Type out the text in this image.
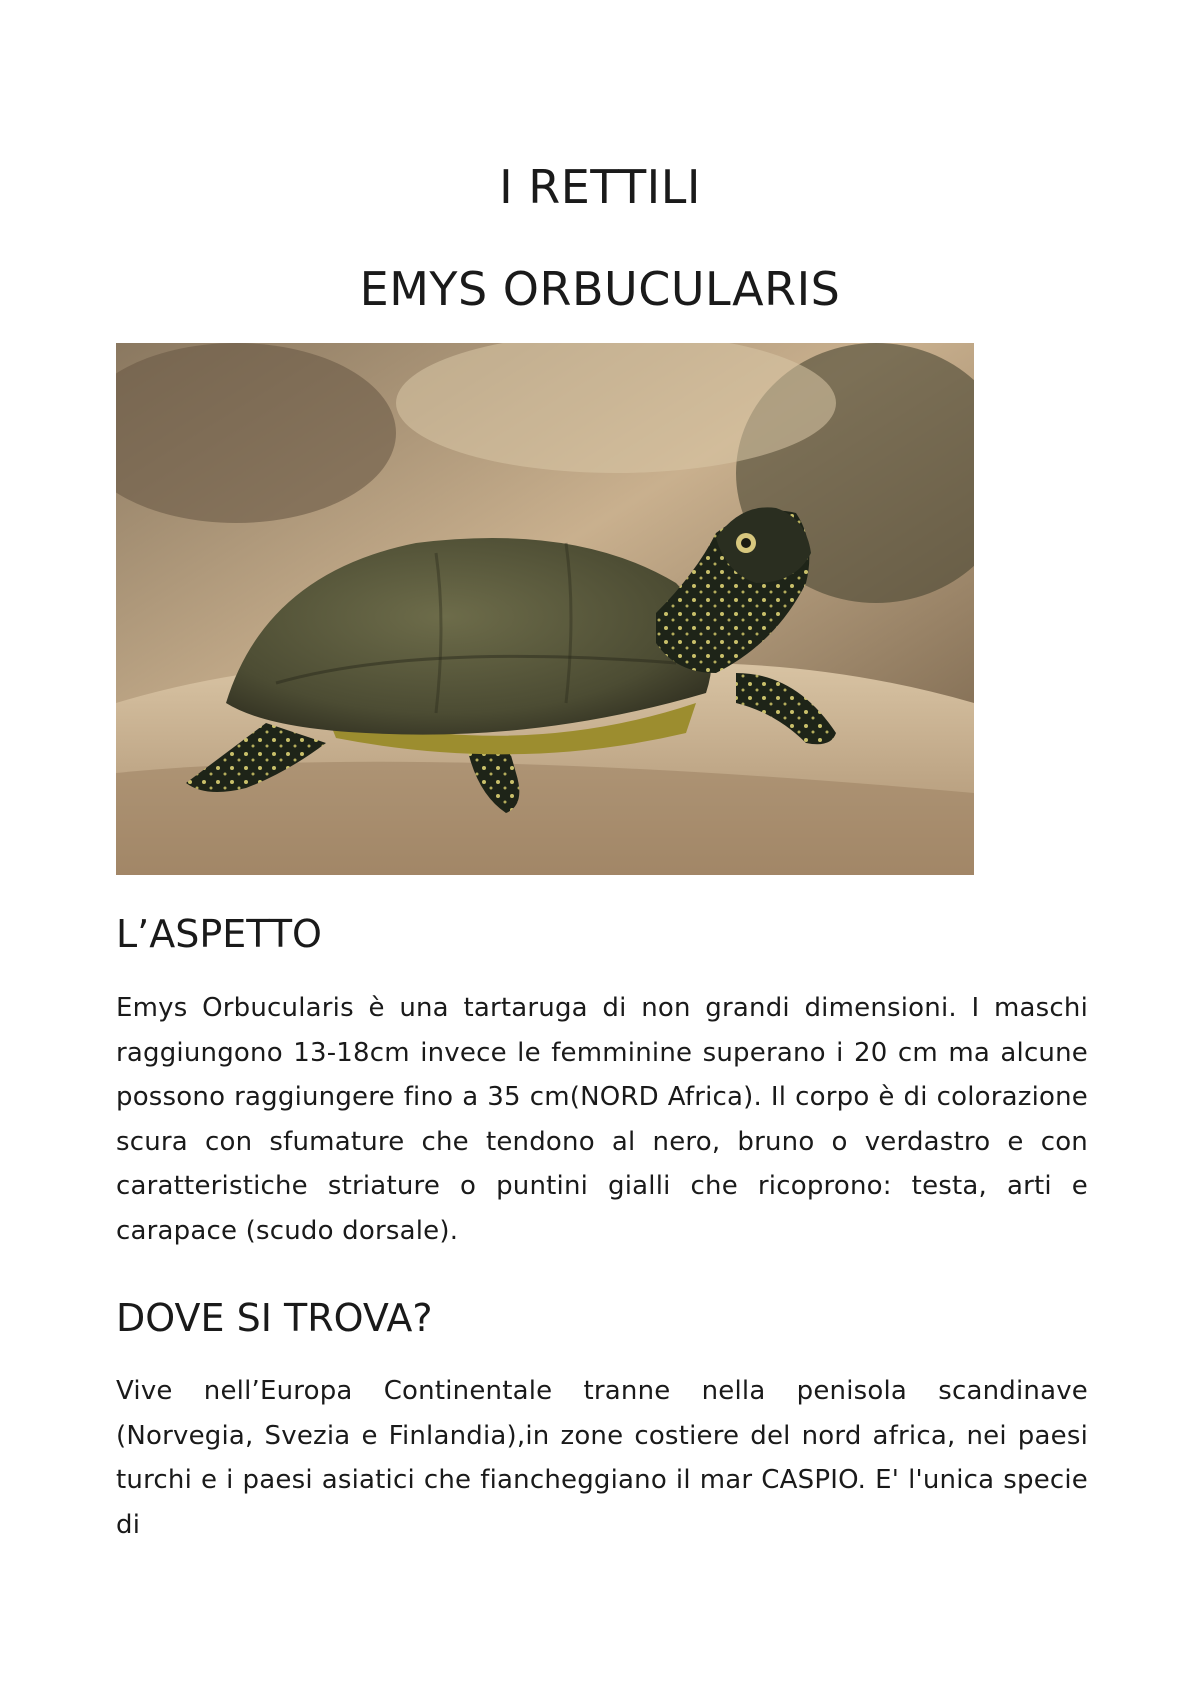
I RETTILI
EMYS ORBUCULARIS
L’ASPETTO

Emys Orbucularis è una tartaruga di non grandi dimensioni. I maschi raggiungono 13-18cm invece le femminine superano i 20 cm ma alcune possono raggiungere fino a 35 cm(NORD Africa). Il corpo è di colorazione scura con sfumature che tendono al nero, bruno o verdastro e con caratteristiche striature o puntini gialli che ricoprono: testa, arti e carapace (scudo dorsale).

DOVE SI TROVA?

Vive nell’Europa Continentale tranne nella penisola scandinave (Norvegia, Svezia e Finlandia),in zone costiere del nord africa, nei paesi turchi e i paesi asiatici che fiancheggiano il mar CASPIO. E' l'unica specie di
